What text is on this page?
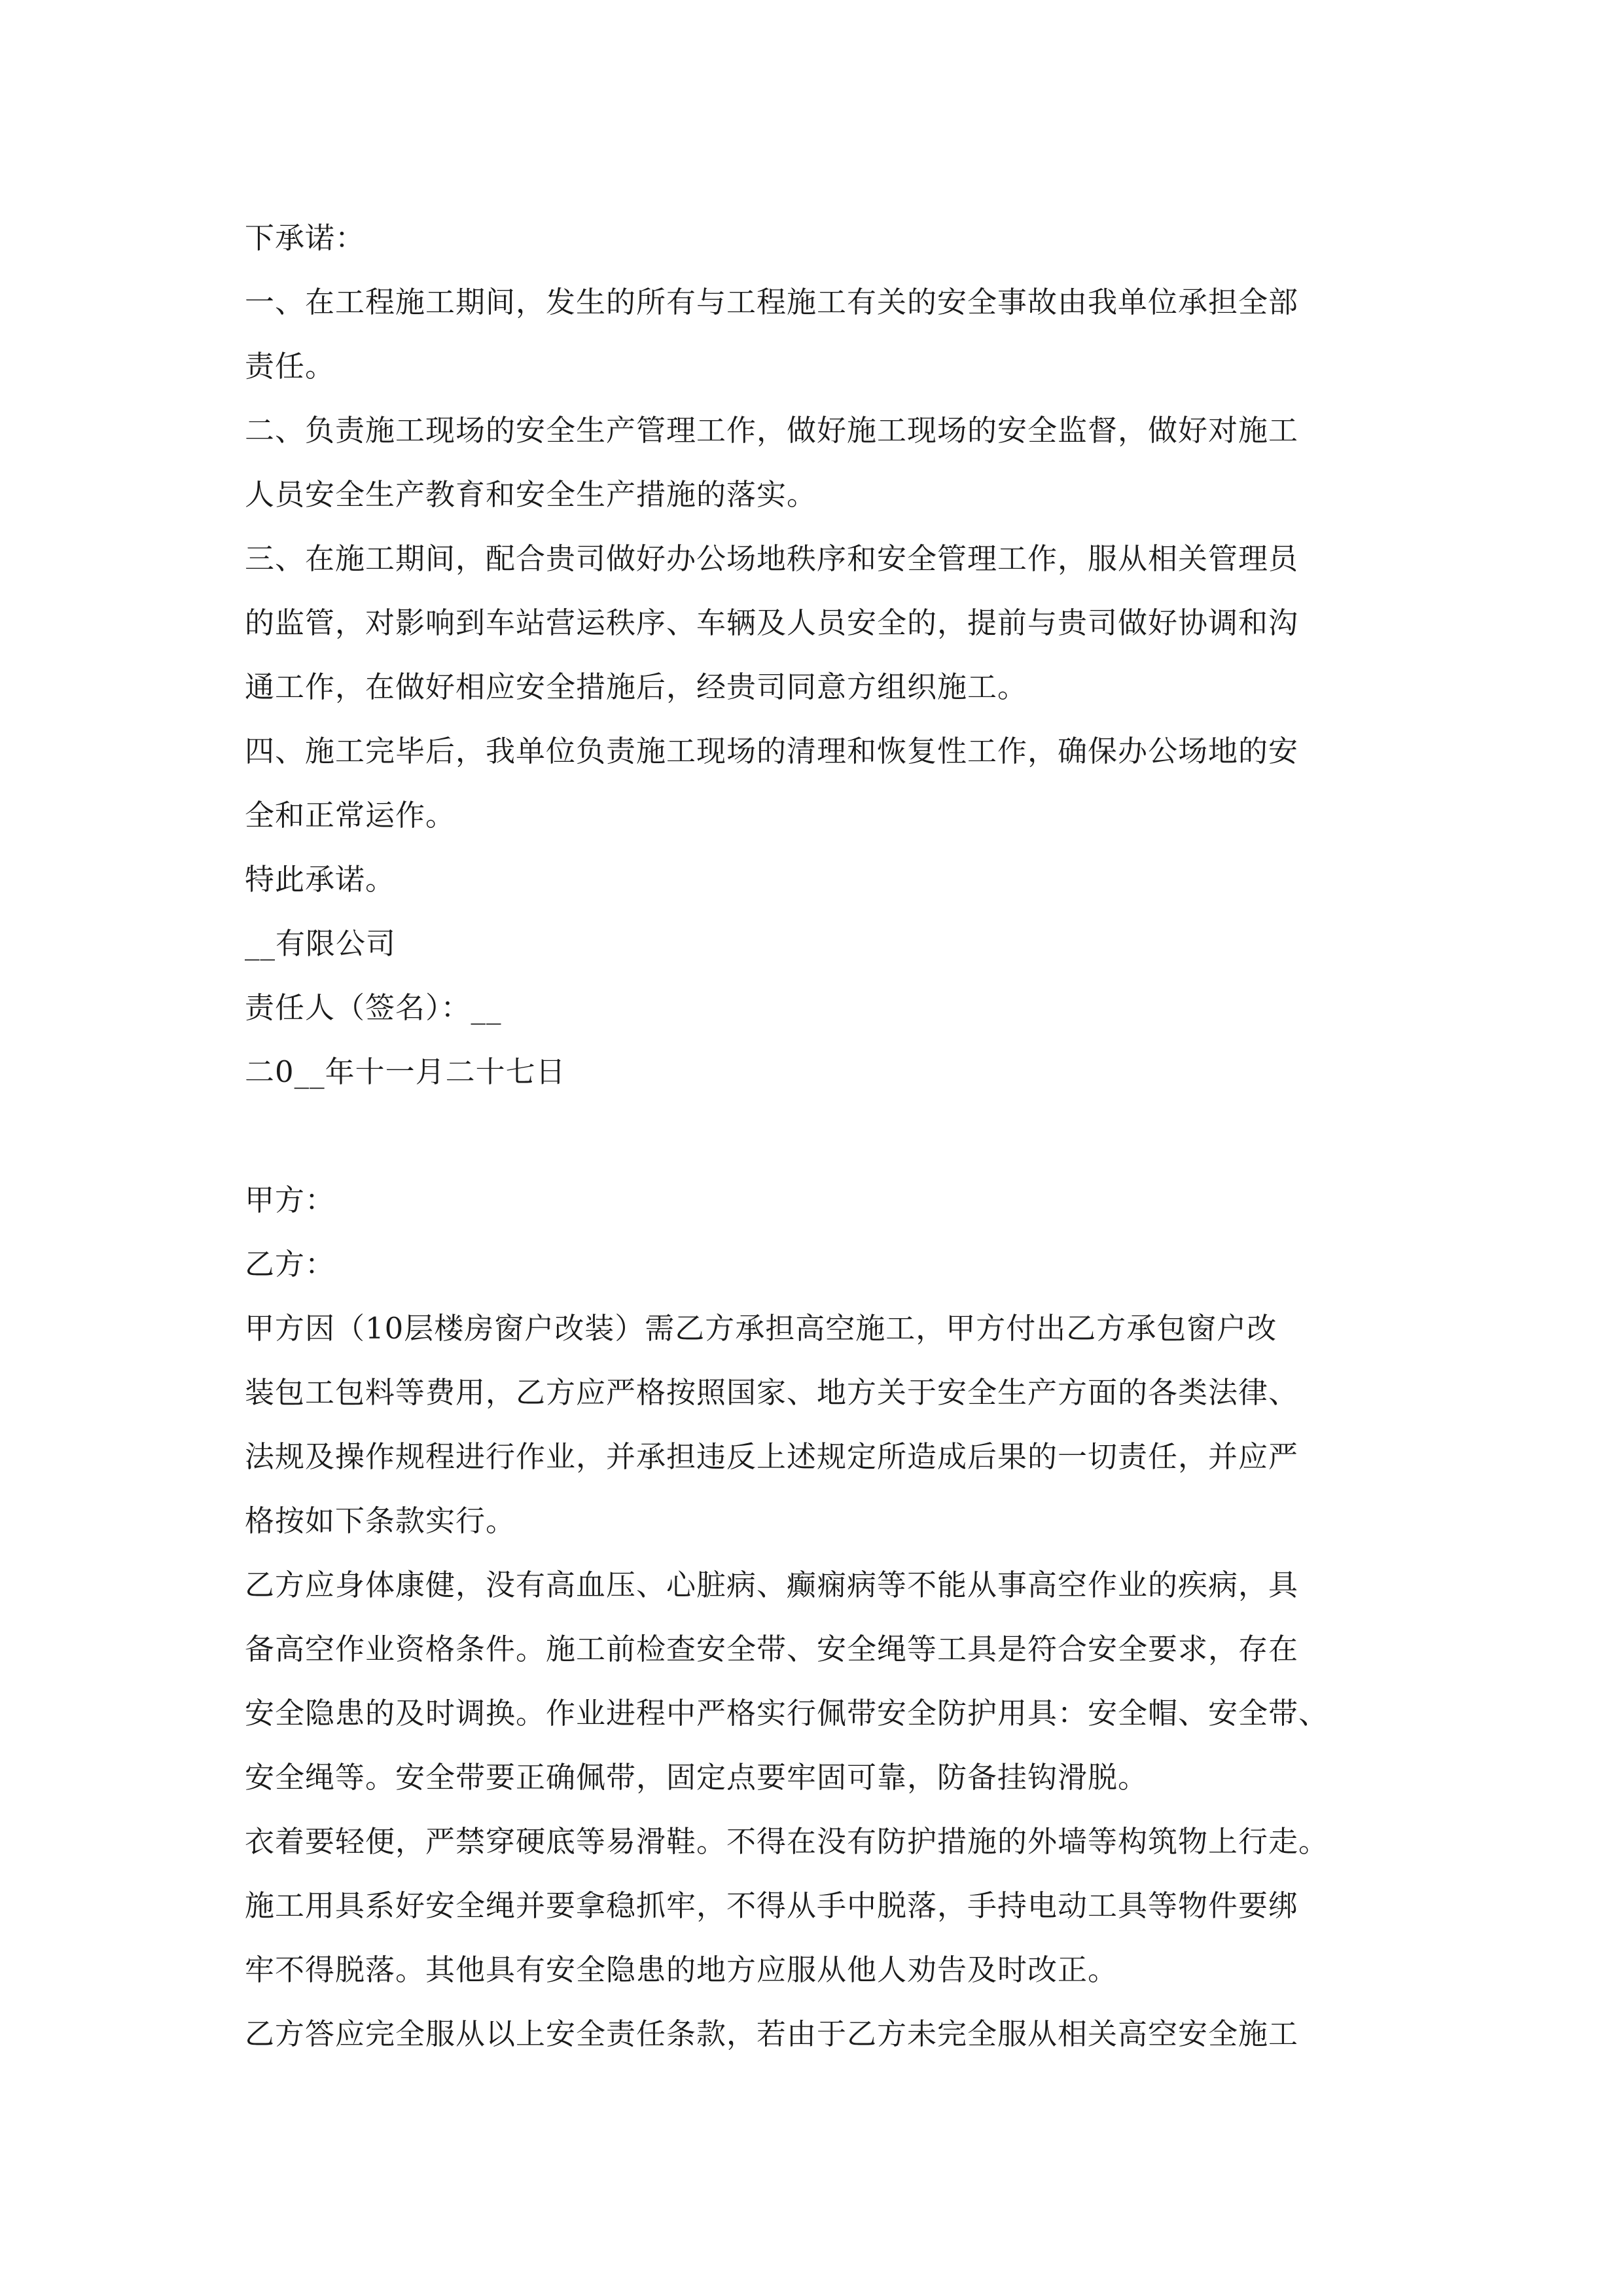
下承诺：
一、在工程施工期间，发生的所有与工程施工有关的安全事故由我单位承担全部
责任。
二、负责施工现场的安全生产管理工作，做好施工现场的安全监督，做好对施工
人员安全生产教育和安全生产措施的落实。
三、在施工期间，配合贵司做好办公场地秩序和安全管理工作，服从相关管理员
的监管，对影响到车站营运秩序、车辆及人员安全的，提前与贵司做好协调和沟
通工作，在做好相应安全措施后，经贵司同意方组织施工。
四、施工完毕后，我单位负责施工现场的清理和恢复性工作，确保办公场地的安
全和正常运作。
特此承诺。
__有限公司
责任人（签名）：__
二0__年十一月二十七日
甲方：
乙方：
甲方因（10层楼房窗户改装）需乙方承担高空施工，甲方付出乙方承包窗户改
装包工包料等费用，乙方应严格按照国家、地方关于安全生产方面的各类法律、
法规及操作规程进行作业，并承担违反上述规定所造成后果的一切责任，并应严
格按如下条款实行。
乙方应身体康健，没有高血压、心脏病、癫痫病等不能从事高空作业的疾病，具
备高空作业资格条件。施工前检查安全带、安全绳等工具是符合安全要求，存在
安全隐患的及时调换。作业进程中严格实行佩带安全防护用具：安全帽、安全带、
安全绳等。安全带要正确佩带，固定点要牢固可靠，防备挂钩滑脱。
衣着要轻便，严禁穿硬底等易滑鞋。不得在没有防护措施的外墙等构筑物上行走。
施工用具系好安全绳并要拿稳抓牢，不得从手中脱落，手持电动工具等物件要绑
牢不得脱落。其他具有安全隐患的地方应服从他人劝告及时改正。
乙方答应完全服从以上安全责任条款，若由于乙方未完全服从相关高空安全施工
